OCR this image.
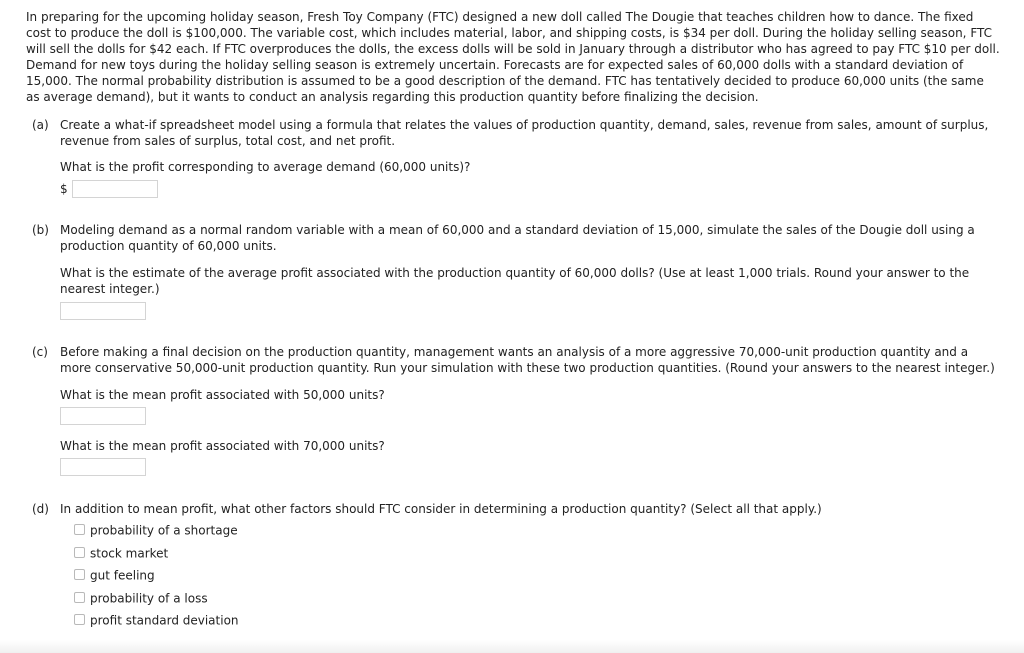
In preparing for the upcoming holiday season, Fresh Toy Company (FTC) designed a new doll called The Dougie that teaches children how to dance. The fixed cost to produce the doll is $100,000. The variable cost, which includes material, labor, and shipping costs, is $34 per doll. During the holiday selling season, FTC will sell the dolls for $42 each. If FTC overproduces the dolls, the excess dolls will be sold in January through a distributor who has agreed to pay FTC $10 per doll. Demand for new toys during the holiday selling season is extremely uncertain. Forecasts are for expected sales of 60,000 dolls with a standard deviation of 15,000. The normal probability distribution is assumed to be a good description of the demand. FTC has tentatively decided to produce 60,000 units (the same as average demand), but it wants to conduct an analysis regarding this production quantity before finalizing the decision.

(a) Create a what-if spreadsheet model using a formula that relates the values of production quantity, demand, sales, revenue from sales, amount of surplus, revenue from sales of surplus, total cost, and net profit.

What is the profit corresponding to average demand (60,000 units)?

$
(b) Modeling demand as a normal random variable with a mean of 60,000 and a standard deviation of 15,000, simulate the sales of the Dougie doll using a production quantity of 60,000 units.

What is the estimate of the average profit associated with the production quantity of 60,000 dolls? (Use at least 1,000 trials. Round your answer to the nearest integer.)

(c) Before making a final decision on the production quantity, management wants an analysis of a more aggressive 70,000-unit production quantity and a more conservative 50,000-unit production quantity. Run your simulation with these two production quantities. (Round your answers to the nearest integer.)

What is the mean profit associated with 50,000 units?

What is the mean profit associated with 70,000 units?

(d) In addition to mean profit, what other factors should FTC consider in determining a production quantity? (Select all that apply.)

probability of a shortage
stock market
gut feeling
probability of a loss
profit standard deviation
